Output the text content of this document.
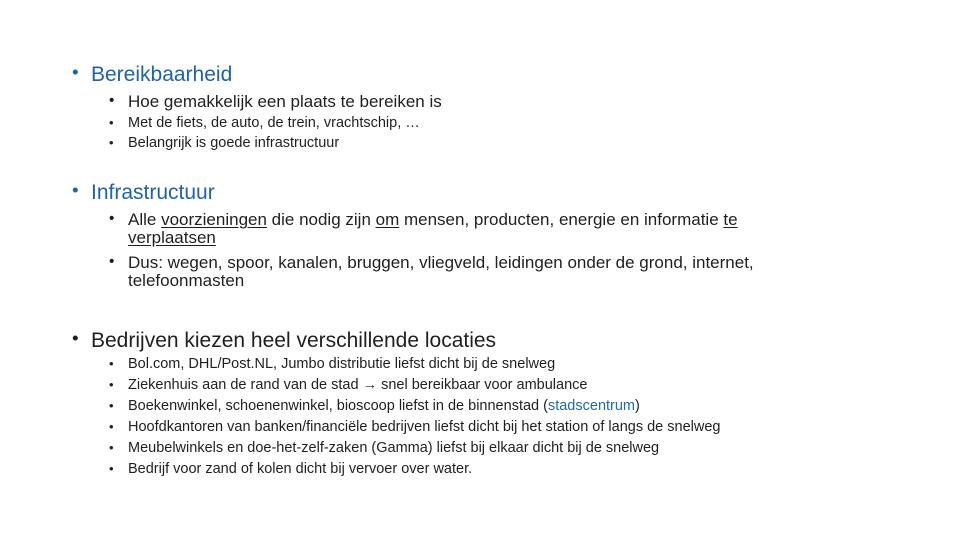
• Bereikbaarheid
• Hoe gemakkelijk een plaats te bereiken is
• Met de fiets, de auto, de trein, vrachtschip, …
• Belangrijk is goede infrastructuur
• Infrastructuur
• Alle voorzieningen die nodig zijn om mensen, producten, energie en informatie te
verplaatsen
• Dus: wegen, spoor, kanalen, bruggen, vliegveld, leidingen onder de grond, internet,
telefoonmasten
• Bedrijven kiezen heel verschillende locaties
• Bol.com, DHL/Post.NL, Jumbo distributie liefst dicht bij de snelweg
• Ziekenhuis aan de rand van de stad → snel bereikbaar voor ambulance
• Boekenwinkel, schoenenwinkel, bioscoop liefst in de binnenstad (stadscentrum)
• Hoofdkantoren van banken/financiële bedrijven liefst dicht bij het station of langs de snelweg
• Meubelwinkels en doe-het-zelf-zaken (Gamma) liefst bij elkaar dicht bij de snelweg
• Bedrijf voor zand of kolen dicht bij vervoer over water.
